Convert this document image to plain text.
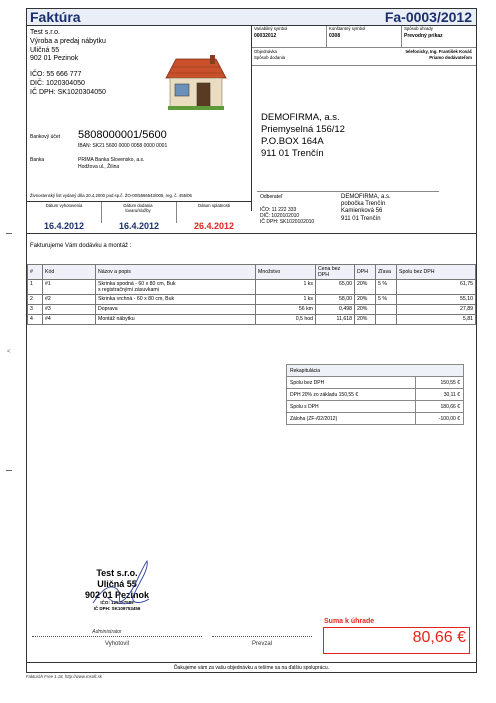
<
Faktúra	Fa-0003/2012
Test s.r.o.
Výroba a predaj nábytku
Uličná 55
902 01 Pezinok
IČO: 55 666 777
DIČ: 1020304050
IČ DPH: SK1020304050
Bankový účet 5808000001/5600
IBAN: SK21 5600 0000 0058 0000 0001
Banka	PRIMA Banka Slovensko, a.s.
Hodžova ul., Žilina
Živnostenský list vydaný dňa 20.4.2000 pod sp.č. ŽO-00/5566543/005, reg. č. 455/06
Dátum vyhotovenia
16.4.2012
Dátum dodania tovaru/služby
16.4.2012
Dátum splatnosti
26.4.2012
Variabilný symbol
00032012
Konštantný symbol
0308
Spôsob úhrady
Prevodný príkaz
Objednávka	telefonicky, Ing. František Kováč
Spôsob dodania	Priamo dodávateľom
DEMOFIRMA, a.s.
Priemyselná 156/12
P.O.BOX 164A
911 01 Trenčín
Odberateľ
IČO: 11 222 333
DIČ: 1020102010
IČ DPH: SK1020102010
DEMOFIRMA, a.s.
pobočka Trenčín
Kamienková 56
911 01 Trenčín
Fakturujeme Vám dodávku a montáž :
#	Kód	Názov a popis	Množstvo	Cena bez DPH	DPH	Zľava	Spolu bez DPH
1	#1	Skrinka spodná - 60 x 80 cm, Buk
s registračnými zásuvkami	1 ks	65,00	20%	5 %	61,75
2	#2	Skrinka vrchná - 60 x 80 cm, Buk	1 ks	58,00	20%	5 %	55,10
3	#3	Doprava	56 km	0,498	20%		27,89
4	#4	Montáž nábytku	0,5 hod	11,618	20%		5,81
Rekapitulácia	
Spolu bez DPH	150,55 €
DPH 20% zo základu 150,55 €	30,11 €
Spolu s DPH	180,66 €
Záloha (ZF-/02/2012)	-100,00 €
Test s.r.o.
Uličná 55
902 01 Pezinok
IČO: 125257589
IČ DPH: SK109753456
Administrator
Vyhotovil	Prevzal
Suma k úhrade
80,66 €
Ďakujeme vám za vašu objednávku a tešíme sa na ďalšiu spoluprácu.
Fakturáh Free 1.18, http://www.msoft.sk
